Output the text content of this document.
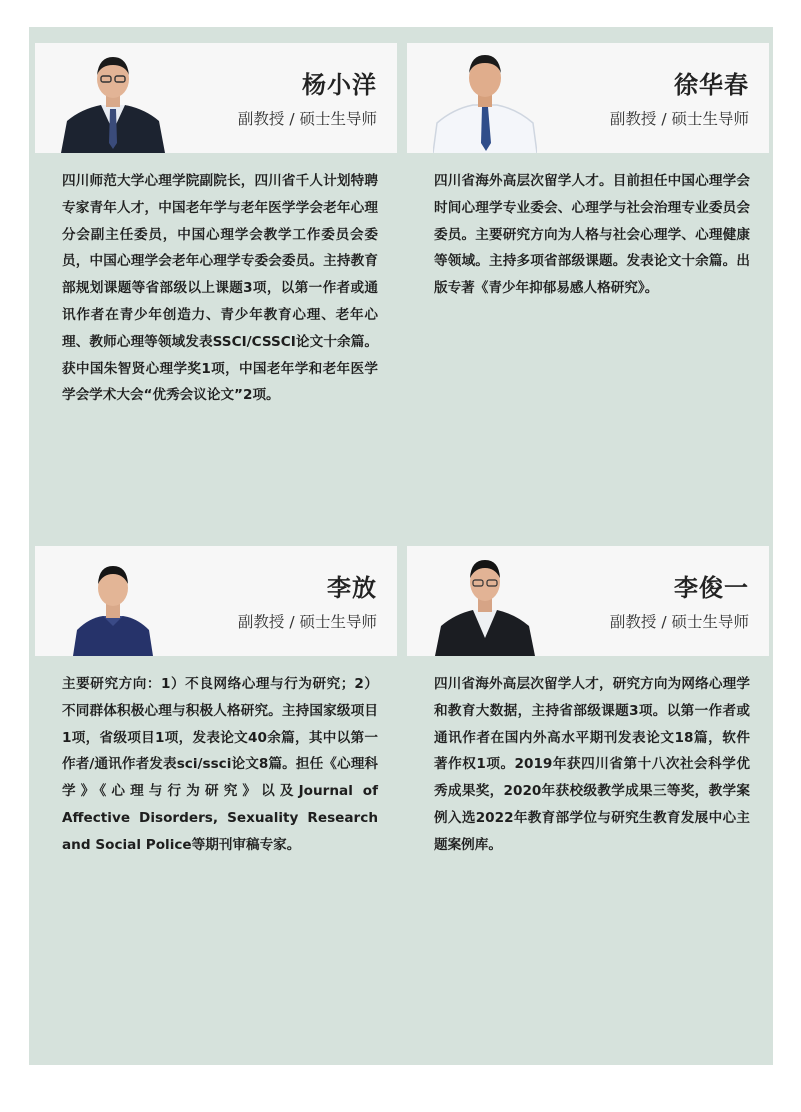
杨小洋
副教授 / 硕士生导师
四川师范大学心理学院副院长，四川省千人计划特聘专家青年人才，中国老年学与老年医学学会老年心理分会副主任委员，中国心理学会教学工作委员会委员，中国心理学会老年心理学专委会委员。主持教育部规划课题等省部级以上课题3项，以第一作者或通讯作者在青少年创造力、青少年教育心理、老年心理、教师心理等领域发表SSCI/CSSCI论文十余篇。获中国朱智贤心理学奖1项，中国老年学和老年医学学会学术大会“优秀会议论文”2项。
徐华春
副教授 / 硕士生导师
四川省海外高层次留学人才。目前担任中国心理学会时间心理学专业委会、心理学与社会治理专业委员会委员。主要研究方向为人格与社会心理学、心理健康等领域。主持多项省部级课题。发表论文十余篇。出版专著《青少年抑郁易感人格研究》。
李放
副教授 / 硕士生导师
主要研究方向：1）不良网络心理与行为研究；2）不同群体积极心理与积极人格研究。主持国家级项目1项，省级项目1项，发表论文40余篇，其中以第一作者/通讯作者发表sci/ssci论文8篇。担任《心理科学》《心理与行为研究》以及Journal of Affective Disorders, Sexuality Research and Social Police等期刊审稿专家。
李俊一
副教授 / 硕士生导师
四川省海外高层次留学人才，研究方向为网络心理学和教育大数据，主持省部级课题3项。以第一作者或通讯作者在国内外高水平期刊发表论文18篇，软件著作权1项。2019年获四川省第十八次社会科学优秀成果奖，2020年获校级教学成果三等奖，教学案例入选2022年教育部学位与研究生教育发展中心主题案例库。
